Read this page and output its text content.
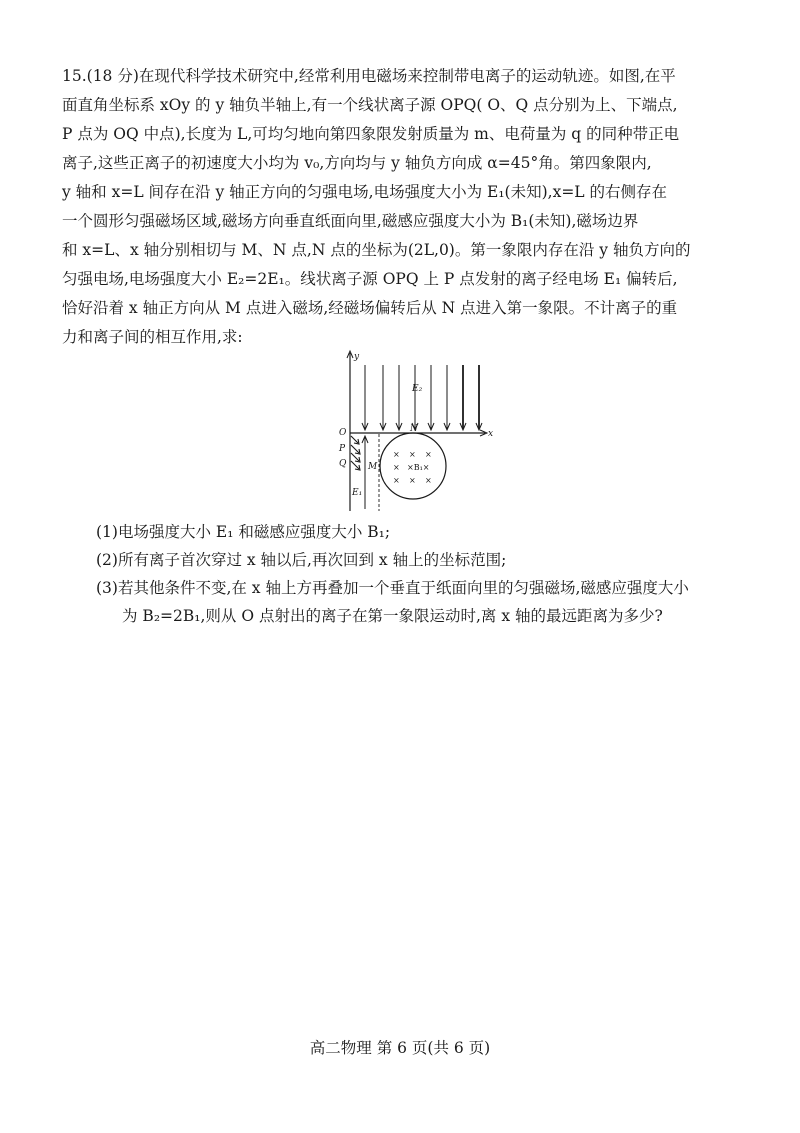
15.(18 分)在现代科学技术研究中,经常利用电磁场来控制带电离子的运动轨迹。如图,在平
面直角坐标系 xOy 的 y 轴负半轴上,有一个线状离子源 OPQ( O、Q 点分别为上、下端点,
P 点为 OQ 中点),长度为 L,可均匀地向第四象限发射质量为 m、电荷量为 q 的同种带正电
离子,这些正离子的初速度大小均为 v₀,方向均与 y 轴负方向成 α=45°角。第四象限内,
y 轴和 x=L 间存在沿 y 轴正方向的匀强电场,电场强度大小为 E₁(未知),x=L 的右侧存在
一个圆形匀强磁场区域,磁场方向垂直纸面向里,磁感应强度大小为 B₁(未知),磁场边界
和 x=L、x 轴分别相切与 M、N 点,N 点的坐标为(2L,0)。第一象限内存在沿 y 轴负方向的
匀强电场,电场强度大小 E₂=2E₁。线状离子源 OPQ 上 P 点发射的离子经电场 E₁ 偏转后,
恰好沿着 x 轴正方向从 M 点进入磁场,经磁场偏转后从 N 点进入第一象限。不计离子的重
力和离子间的相互作用,求:
y
x
O
E₂
P
Q
E₁
M
N
× × ×
× ×B₁×
× × ×
(1)电场强度大小 E₁ 和磁感应强度大小 B₁;
(2)所有离子首次穿过 x 轴以后,再次回到 x 轴上的坐标范围;
(3)若其他条件不变,在 x 轴上方再叠加一个垂直于纸面向里的匀强磁场,磁感应强度大小
为 B₂=2B₁,则从 O 点射出的离子在第一象限运动时,离 x 轴的最远距离为多少?
高二物理 第 6 页(共 6 页)
